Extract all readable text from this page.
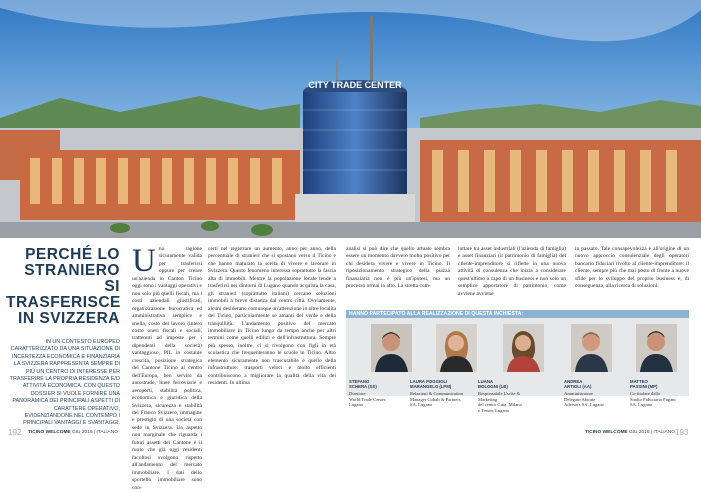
CITY TRADE CENTER
PERCHÉ LO
STRANIERO
SI TRASFERISCE
IN SVIZZERA
IN UN CONTESTO EUROPEO CARATTERIZZATO DA UNA SITUAZIONE DI INCERTEZZA ECONOMICA E FINANZIARIA LA SVIZZERA RAPPRESENTA SEMPRE DI PIÙ UN CENTRO DI INTERESSE PER TRASFERIRE LA PROPRIA RESIDENZA E/O ATTIVITÀ ECONOMICA. CON QUESTO DOSSIER SI VUOLE FORNIRE UNA PANORAMICA DEI PRINCIPALI ASPETTI DI CARATTERE OPERATIVO, EVIDENZIANDONE NEL CONTEMPO I PRINCIPALI VANTAGGI E SVANTAGGI.
Una ragione sicuramente valida per trasferirsi oppure per creare un'azienda in Canton Ticino oggi sono i vantaggi operativi e non solo più quelli fiscali, ma i costi aziendali giustificati, organizzazione burocratica ed amministrativa semplice e snella, costo del lavoro (intero costo oneri fiscali e sociali, trattenuti ad imposte per i dipendenti della società) vantaggioso, PIL in costante crescita, posizione strategica del Cantone Ticino al centro dell'Europa, ben servito da autostrade, linee ferroviarie e aeroporti, stabilità politica, economica e giuridica della Svizzera, sicurezza e stabilità del Franco Svizzero, immagine e prestigio di una società con sede in Svizzera. Un aspetto non marginale che riguarda i futuri assetti del Cantone è il ruolo che già oggi residenti facoltosi svolgono rispetto all'andamento del mercato immobiliare. I dati dello sportello immobiliare sono con-
certi nel registrare un aumento, anno per anno, della percentuale di stranieri che si spostano verso il Ticino e che hanno maturato la scelta di vivere e lavorare in Svizzera. Questo fenomeno interessa soprattutto la fascia alta di immobili. Mentre la popolazione locale tende a trasferirsi nei dintorni di Lugano quando acquista la casa, gli stranieri (soprattutto italiani) cercano soluzioni immobili a breve distanza dal centro città. Ovviamente, alcuni desiderano comunque un'attenzione in altre località del Ticino, particolarmente se amanti del verde e della tranquillità. L'andamento positivo del mercato immobiliare in Ticino lungo da tempo anche per altri termini come quelli edilizi e dell'infrastruttura. Sempre più spesso, inoltre, ci si rivolgono con figli in età scolastica che frequenteranno le scuole in Ticino. Altro elemento sicuramente non trascurabile è quello della infrastrutture: trasporti veloci e molto efficienti contribuiscono a migliorare la qualità della vita dei residenti. In ultima
analisi si può dire che quello attuale sembra essere un momento davvero molto positivo per chi desidera vivere e vivere in Ticino. Il riposizionamento strategico della piazza finanziaria non è più un'ipotesi, ma un processo ormai in atto. La stretta com-
luttare tra asset industriali (l'azienda di famiglia) e asset finanziari (il patrimonio di famiglia) del cliente-imprenditore si riflette in una nuova attività di consulenza che inizia a considerare quest'ultimo a capo di un business e non solo un semplice apportatore di patrimonio, come avviene avviene
in passato. Tale consapevolezza è all'origine di un nuovo approccio consulenziale degli operatori bancario fiduciari rivolto al cliente-imprenditore: il cliente, sempre più che mai posto di fronte a nuove sfide per lo sviluppo del proprio business e, di conseguenza, alla ricerca di soluzioni.
HANNO PARTECIPATO ALLA REALIZZAZIONE DI QUESTA INCHIESTA:
STEFANO
SCHERA (SS)
Direttore
World Trade Center,
Lugano
LAURA POGGIOLI
MARANGELO (LPM)
Relazioni & Communication
Manager Cobalt & Partners
SA, Lugano
LUANA
BOLOGNI (LB)
Responsabile Uscite & Marketing
del centro Città, Milano
e Tessin, Lugano
ANDREA
ARTIOLI (AA)
Amministratore
Delegato Abirate
Advisors SA, Lugano
MATTEO
PASSINI (MP)
Co-titolare dello
Studio Fiduciario Pagani
SA, Lugano
192 TICINO WELCOME GIU 2016 | ITALIANO	TICINO WELCOME GIU 2016 | ITALIANO 193
